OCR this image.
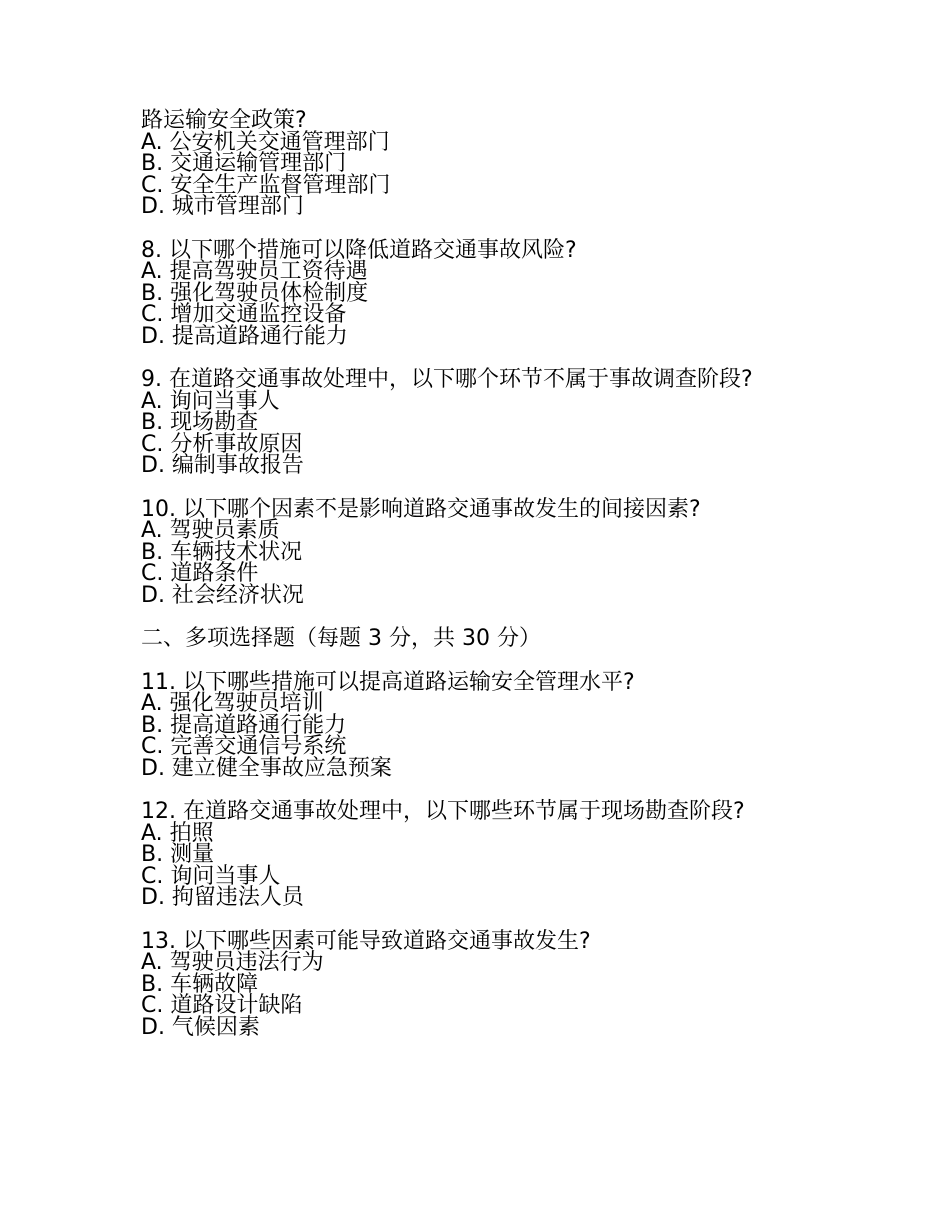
路运输安全政策?
A. 公安机关交通管理部门
B. 交通运输管理部门
C. 安全生产监督管理部门
D. 城市管理部门
8. 以下哪个措施可以降低道路交通事故风险?
A. 提高驾驶员工资待遇
B. 强化驾驶员体检制度
C. 增加交通监控设备
D. 提高道路通行能力
9. 在道路交通事故处理中，以下哪个环节不属于事故调查阶段?
A. 询问当事人
B. 现场勘查
C. 分析事故原因
D. 编制事故报告
10. 以下哪个因素不是影响道路交通事故发生的间接因素?
A. 驾驶员素质
B. 车辆技术状况
C. 道路条件
D. 社会经济状况
二、多项选择题（每题 3 分，共 30 分）
11. 以下哪些措施可以提高道路运输安全管理水平?
A. 强化驾驶员培训
B. 提高道路通行能力
C. 完善交通信号系统
D. 建立健全事故应急预案
12. 在道路交通事故处理中，以下哪些环节属于现场勘查阶段?
A. 拍照
B. 测量
C. 询问当事人
D. 拘留违法人员
13. 以下哪些因素可能导致道路交通事故发生?
A. 驾驶员违法行为
B. 车辆故障
C. 道路设计缺陷
D. 气候因素
